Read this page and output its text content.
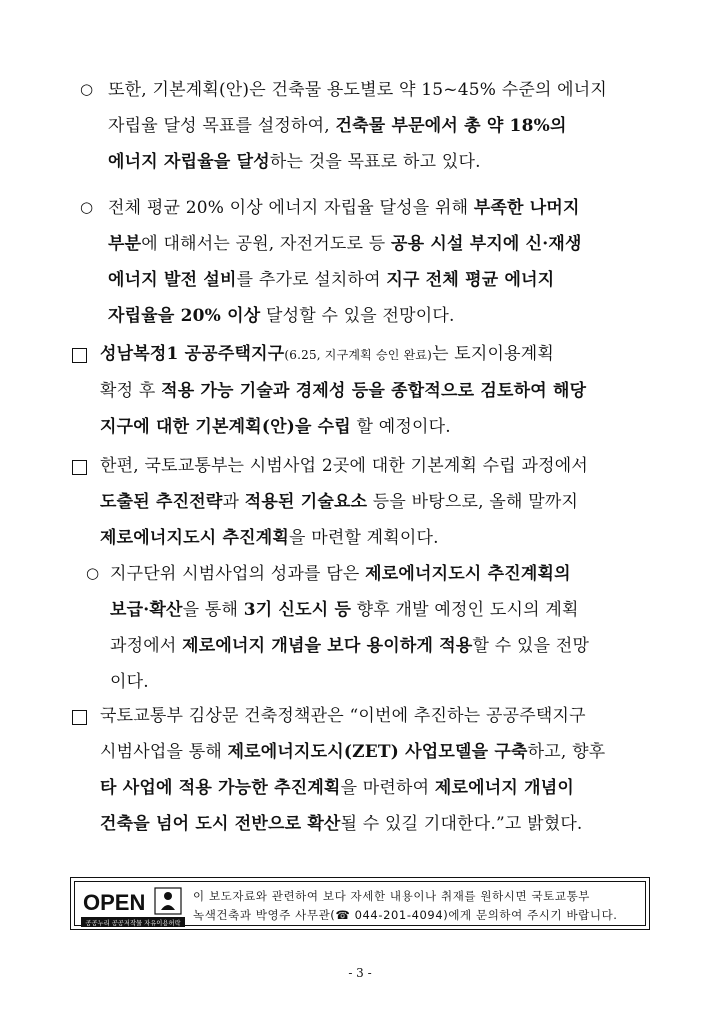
○ 또한, 기본계획(안)은 건축물 용도별로 약 15~45% 수준의 에너지
자립율 달성 목표를 설정하여, 건축물 부문에서 총 약 18%의
에너지 자립율을 달성하는 것을 목표로 하고 있다.
○ 전체 평균 20% 이상 에너지 자립율 달성을 위해 부족한 나머지
부분에 대해서는 공원, 자전거도로 등 공용 시설 부지에 신·재생
에너지 발전 설비를 추가로 설치하여 지구 전체 평균 에너지
자립율을 20% 이상 달성할 수 있을 전망이다.
성남복정1 공공주택지구(6.25, 지구계획 승인 완료)는 토지이용계획
확정 후 적용 가능 기술과 경제성 등을 종합적으로 검토하여 해당
지구에 대한 기본계획(안)을 수립 할 예정이다.
한편, 국토교통부는 시범사업 2곳에 대한 기본계획 수립 과정에서
도출된 추진전략과 적용된 기술요소 등을 바탕으로, 올해 말까지
제로에너지도시 추진계획을 마련할 계획이다.
○ 지구단위 시범사업의 성과를 담은 제로에너지도시 추진계획의
보급·확산을 통해 3기 신도시 등 향후 개발 예정인 도시의 계획
과정에서 제로에너지 개념을 보다 용이하게 적용할 수 있을 전망
이다.
국토교통부 김상문 건축정책관은 “이번에 추진하는 공공주택지구
시범사업을 통해 제로에너지도시(ZET) 사업모델을 구축하고, 향후
타 사업에 적용 가능한 추진계획을 마련하여 제로에너지 개념이
건축을 넘어 도시 전반으로 확산될 수 있길 기대한다.”고 밝혔다.
OPEN
공공누리 공공저작물 자유이용허락
이 보도자료와 관련하여 보다 자세한 내용이나 취재를 원하시면 국토교통부
녹색건축과 박영주 사무관(☎ 044-201-4094)에게 문의하여 주시기 바랍니다.
- 3 -
